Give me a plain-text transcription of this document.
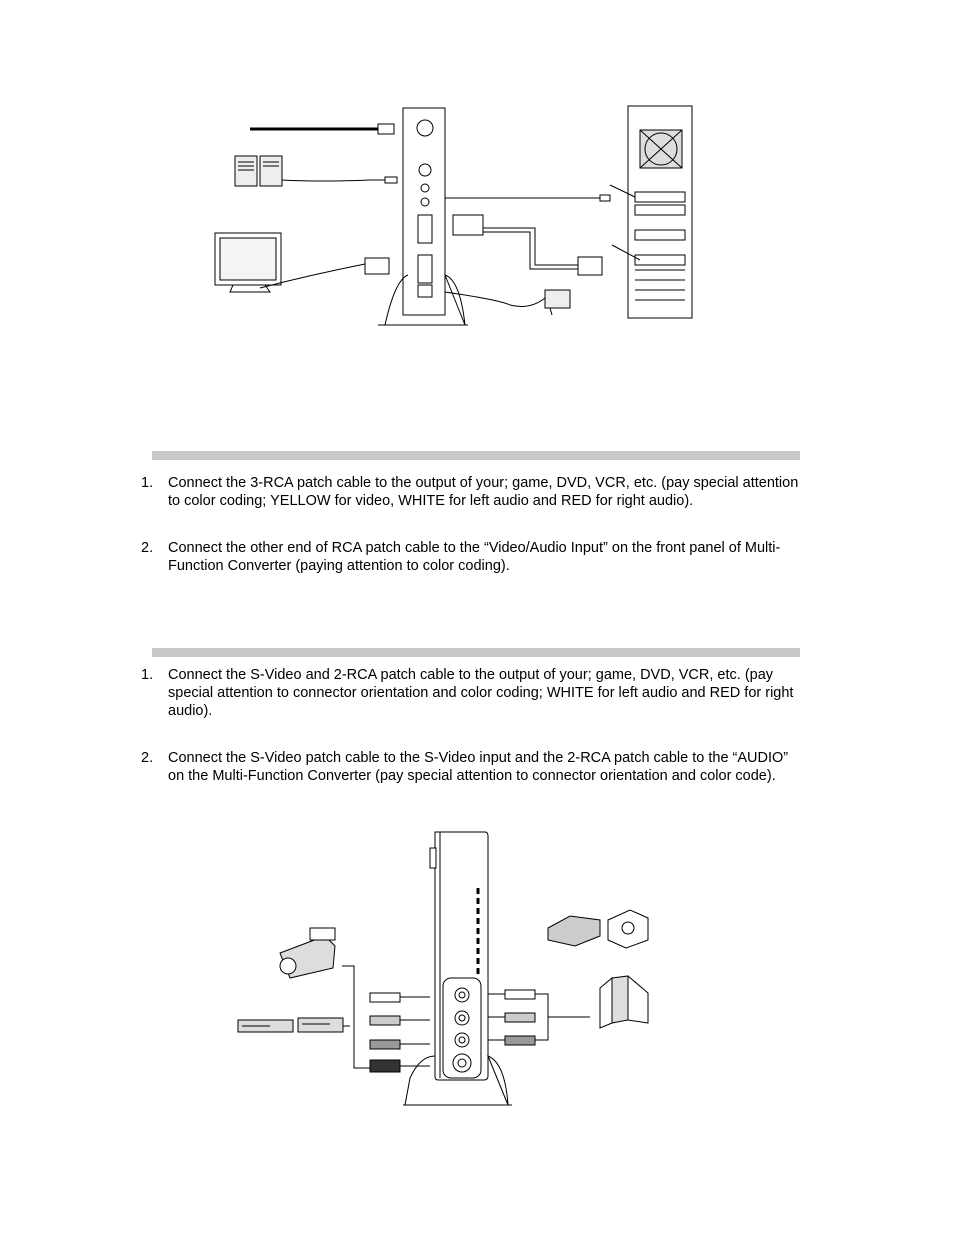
1.	Connect the 3-RCA patch cable to the output of your; game, DVD, VCR, etc. (pay special attention to color coding; YELLOW for video, WHITE for left audio and RED for right audio).
2.	Connect the other end of RCA patch cable to the “Video/Audio Input” on the front panel of Multi-Function Converter (paying attention to color coding).
1.	Connect the S-Video and 2-RCA patch cable to the output of your; game, DVD, VCR, etc. (pay special attention to connector orientation and color coding; WHITE for left audio and RED for right audio).
2.	Connect the S-Video patch cable to the S-Video input and the 2-RCA patch cable to the “AUDIO” on the Multi-Function Converter (pay special attention to connector orientation and color code).
